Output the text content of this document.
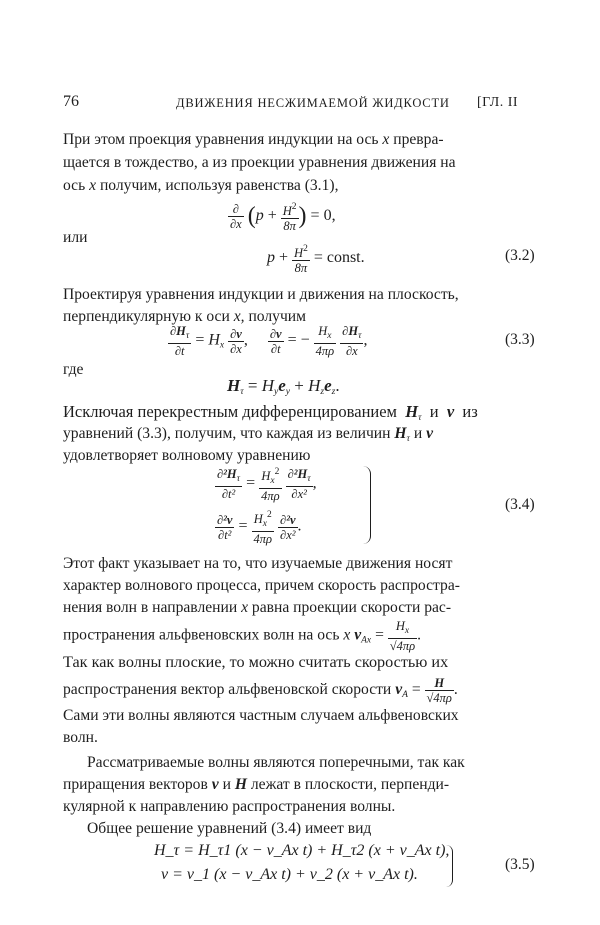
76	ДВИЖЕНИЯ НЕСЖИМАЕМОЙ ЖИДКОСТИ [ГЛ. II
При этом проекция уравнения индукции на ось x превра-
щается в тождество, а из проекции уравнения движения на
ось x получим, используя равенства (3.1),
$\frac{\partial}{\partial x} (p + \frac{H^2}{8\pi}$ ) = 0,
или
$p + \frac{H^2}{8\pi}$ = const.	(3.2)
Проектируя уравнения индукции и движения на плоскость,
перпендикулярную к оси x, получим
$\frac{\partial H_\tau}{\partial t} = H_x \frac{\partial v}{\partial x}$ , $\frac{\partial v}{\partial t}$ = − $\frac{H_x}{4\pi\rho}$
$\frac{\partial H_\tau}{\partial x}$ ,	(3.3)
где
$H_\tau = H_ye_y + H_ze_z$.
Исключая перекрестным дифференцированием $H_\tau$ и v из
уравнений (3.3), получим, что каждая из величин $H_\tau$ и v
удовлетворяет волновому уравнению
$\frac{\partial^2H_\tau}{\text{∂t²}} = \frac{H_x^2}{4\pi\rho}$
$\frac{\partial^2H_\tau}{\text{∂x²}}$ ,
$\frac{\text{∂²v}}{\text{∂t²}} = \frac{H_x^2}{4\pi\rho}$
$\frac{\text{∂²v}}{\text{∂x²}}$ .
(3.4)
Этот факт указывает на то, что изучаемые движения носят
характер волнового процесса, причем скорость распростра-
нения волн в направлении x равна проекции скорости рас-
пространения альфвеновских волн на ось x $v_{Ax} = \frac{H_x}{√4\pi\rho}$ .
Так как волны плоские, то можно считать скоростью их
распространения вектор альфвеновской скорости $v_A = \frac{H}{√4\pi\rho}$ .
Сами эти волны являются частным случаем альфвеновских
волн.
Рассматриваемые волны являются поперечными, так как
приращения векторов v и H лежат в плоскости, перпенди-
кулярной к направлению распространения волны.
Общее решение уравнений (3.4) имеет вид
H_τ = H_τ1 (x − v_Ax t) + H_τ2 (x + v_Ax t),
v = v_1 (x − v_Ax t) + v_2 (x + v_Ax t).
(3.5)
